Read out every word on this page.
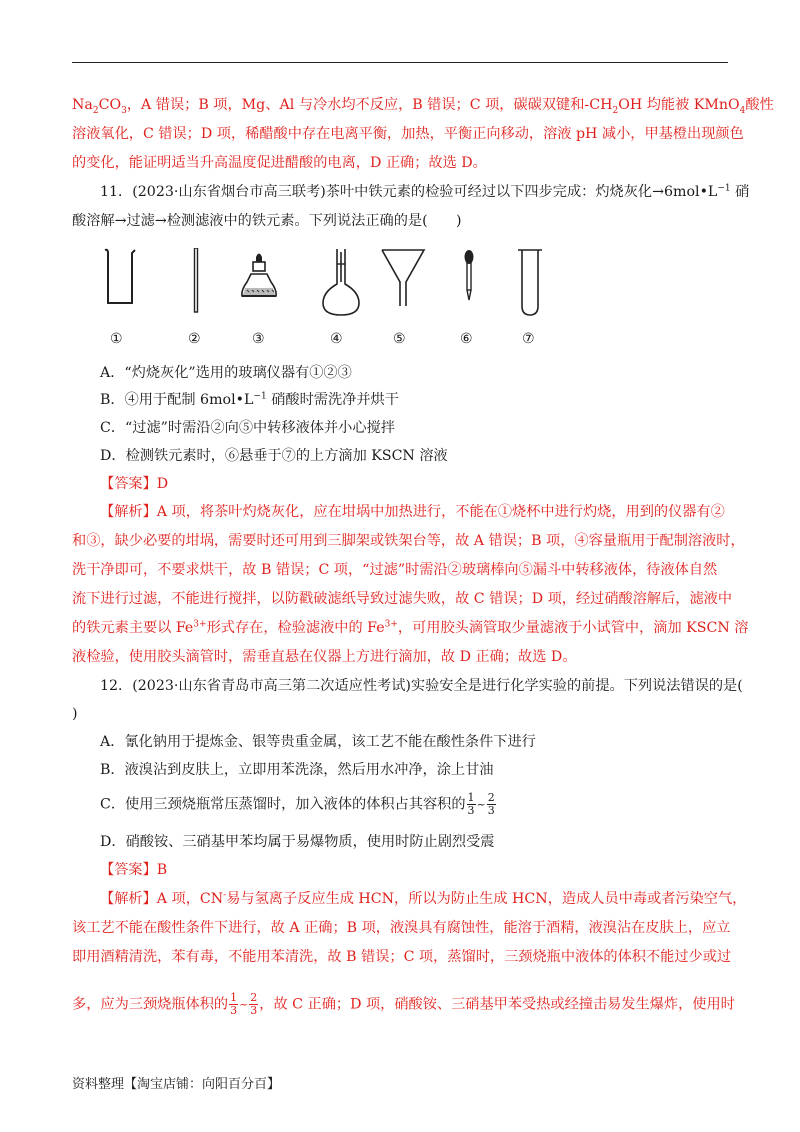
$Na_2CO_3$，A 错误；B 项，Mg、Al 与冷水均不反应，B 错误；C 项，碳碳双键和$-CH_2OH$ 均能被 KMnO$_4$酸性
溶液氧化，C 错误；D 项，稀醋酸中存在电离平衡，加热，平衡正向移动，溶液 pH 减小，甲基橙出现颜色
的变化，能证明适当升高温度促进醋酸的电离，D 正确；故选 D。
11．(2023·山东省烟台市高三联考)茶叶中铁元素的检验可经过以下四步完成：灼烧灰化$\to 6mol•L^{-1}$ 硝
酸溶解→过滤→检测滤液中的铁元素。下列说法正确的是(　　)
①	②	③	④	⑤	⑥	⑦
A．“灼烧灰化”选用的玻璃仪器有①②③
B．④用于配制 $6mol•L^{-1}$ 硝酸时需洗净并烘干
C．“过滤”时需沿②向⑤中转移液体并小心搅拌
D．检测铁元素时，⑥悬垂于⑦的上方滴加 KSCN 溶液
【答案】D
【解析】A 项，将茶叶灼烧灰化，应在坩埚中加热进行，不能在①烧杯中进行灼烧，用到的仪器有②
和③，缺少必要的坩埚，需要时还可用到三脚架或铁架台等，故 A 错误；B 项，④容量瓶用于配制溶液时，
洗干净即可，不要求烘干，故 B 错误；C 项，“过滤”时需沿②玻璃棒向⑤漏斗中转移液体，待液体自然
流下进行过滤，不能进行搅拌，以防戳破滤纸导致过滤失败，故 C 错误；D 项，经过硝酸溶解后，滤液中
的铁元素主要以 $Fe^{3+}$形式存在，检验滤液中的 $Fe^{3+}$，可用胶头滴管取少量滤液于小试管中，滴加 KSCN 溶
液检验，使用胶头滴管时，需垂直悬在仪器上方进行滴加，故 D 正确；故选 D。
12．(2023·山东省青岛市高三第二次适应性考试)实验安全是进行化学实验的前提。下列说法错误的是(
)
A．氰化钠用于提炼金、银等贵重金属，该工艺不能在酸性条件下进行
B．液溴沾到皮肤上，立即用苯洗涤，然后用水冲净，涂上甘油
C．使用三颈烧瓶常压蒸馏时，加入液体的体积占其容积的 $\frac{1}{3}$ ~ $\frac{2}{3}$
D．硝酸铵、三硝基甲苯均属于易爆物质，使用时防止剧烈受震
【答案】B
【解析】A 项，CN-易与氢离子反应生成 HCN，所以为防止生成 HCN，造成人员中毒或者污染空气，
该工艺不能在酸性条件下进行，故 A 正确；B 项，液溴具有腐蚀性，能溶于酒精，液溴沾在皮肤上，应立
即用酒精清洗，苯有毒，不能用苯清洗，故 B 错误；C 项，蒸馏时，三颈烧瓶中液体的体积不能过少或过
多，应为三颈烧瓶体积的 $\frac{1}{3}$ ~ $\frac{2}{3}$ ，故 C 正确；D 项，硝酸铵、三硝基甲苯受热或经撞击易发生爆炸，使用时
资料整理【淘宝店铺：向阳百分百】
